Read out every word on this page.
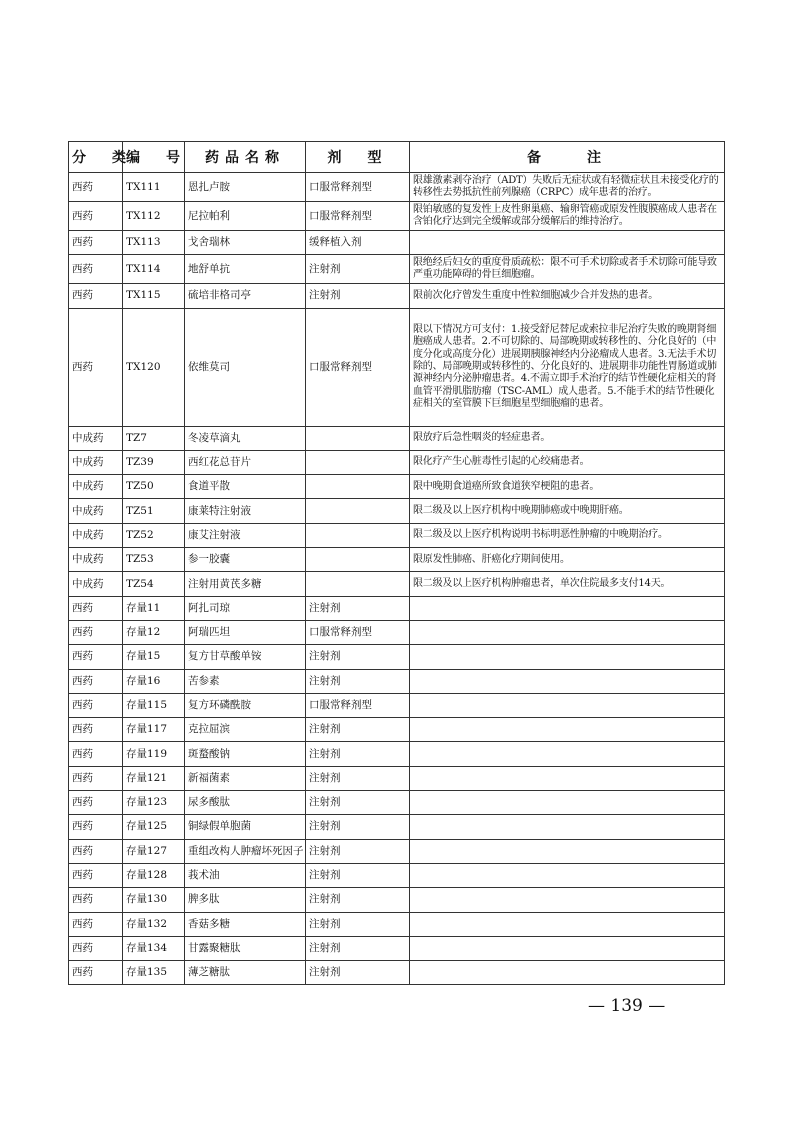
分　类	编　号	药品名称	剂　型	备　　注
西药	TX111	恩扎卢胺	口服常释剂型	限雄激素剥夺治疗（ADT）失败后无症状或有轻微症状且未接受化疗的转移性去势抵抗性前列腺癌（CRPC）成年患者的治疗。
西药	TX112	尼拉帕利	口服常释剂型	限铂敏感的复发性上皮性卵巢癌、输卵管癌或原发性腹膜癌成人患者在含铂化疗达到完全缓解或部分缓解后的维持治疗。
西药	TX113	戈舍瑞林	缓释植入剂	
西药	TX114	地舒单抗	注射剂	限绝经后妇女的重度骨质疏松：限不可手术切除或者手术切除可能导致严重功能障碍的骨巨细胞瘤。
西药	TX115	硫培非格司亭	注射剂	限前次化疗曾发生重度中性粒细胞减少合并发热的患者。
西药	TX120	依维莫司	口服常释剂型	限以下情况方可支付：1.接受舒尼替尼或索拉非尼治疗失败的晚期肾细胞癌成人患者。2.不可切除的、局部晚期或转移性的、分化良好的（中度分化或高度分化）进展期胰腺神经内分泌瘤成人患者。3.无法手术切除的、局部晚期或转移性的、分化良好的、进展期非功能性胃肠道或肺源神经内分泌肿瘤患者。4.不需立即手术治疗的结节性硬化症相关的肾血管平滑肌脂肪瘤（TSC-AML）成人患者。5.不能手术的结节性硬化症相关的室管膜下巨细胞星型细胞瘤的患者。
中成药	TZ7	冬凌草滴丸		限放疗后急性咽炎的轻症患者。
中成药	TZ39	西红花总苷片		限化疗产生心脏毒性引起的心绞痛患者。
中成药	TZ50	食道平散		限中晚期食道癌所致食道狭窄梗阻的患者。
中成药	TZ51	康莱特注射液		限二级及以上医疗机构中晚期肺癌或中晚期肝癌。
中成药	TZ52	康艾注射液		限二级及以上医疗机构说明书标明恶性肿瘤的中晚期治疗。
中成药	TZ53	参一胶囊		限原发性肺癌、肝癌化疗期间使用。
中成药	TZ54	注射用黄芪多糖		限二级及以上医疗机构肿瘤患者，单次住院最多支付14天。
西药	存量11	阿扎司琼	注射剂	
西药	存量12	阿瑞匹坦	口服常释剂型	
西药	存量15	复方甘草酸单铵	注射剂	
西药	存量16	苦参素	注射剂	
西药	存量115	复方环磷酰胺	口服常释剂型	
西药	存量117	克拉屈滨	注射剂	
西药	存量119	斑蝥酸钠	注射剂	
西药	存量121	新福菌素	注射剂	
西药	存量123	尿多酸肽	注射剂	
西药	存量125	铜绿假单胞菌	注射剂	
西药	存量127	重组改构人肿瘤坏死因子	注射剂	
西药	存量128	莪术油	注射剂	
西药	存量130	脾多肽	注射剂	
西药	存量132	香菇多糖	注射剂	
西药	存量134	甘露聚糖肽	注射剂	
西药	存量135	薄芝糖肽	注射剂	
— 139 —
